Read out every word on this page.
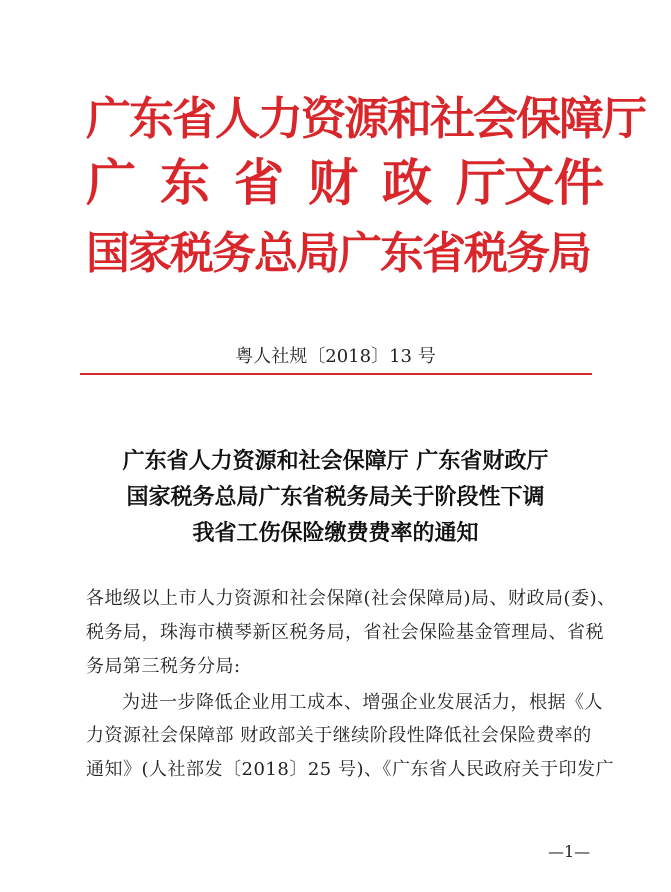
广东省人力资源和社会保障厅
广 东 省 财 政 厅
文件
国家税务总局广东省税务局
粤人社规〔2018〕13 号
广东省人力资源和社会保障厅 广东省财政厅
国家税务总局广东省税务局关于阶段性下调
我省工伤保险缴费费率的通知
各地级以上市人力资源和社会保障(社会保障局)局、财政局(委)、
税务局，珠海市横琴新区税务局，省社会保险基金管理局、省税
务局第三税务分局:
为进一步降低企业用工成本、增强企业发展活力，根据《人
力资源社会保障部 财政部关于继续阶段性降低社会保险费率的
通知》(人社部发〔2018〕25 号)、《广东省人民政府关于印发广
—1—
